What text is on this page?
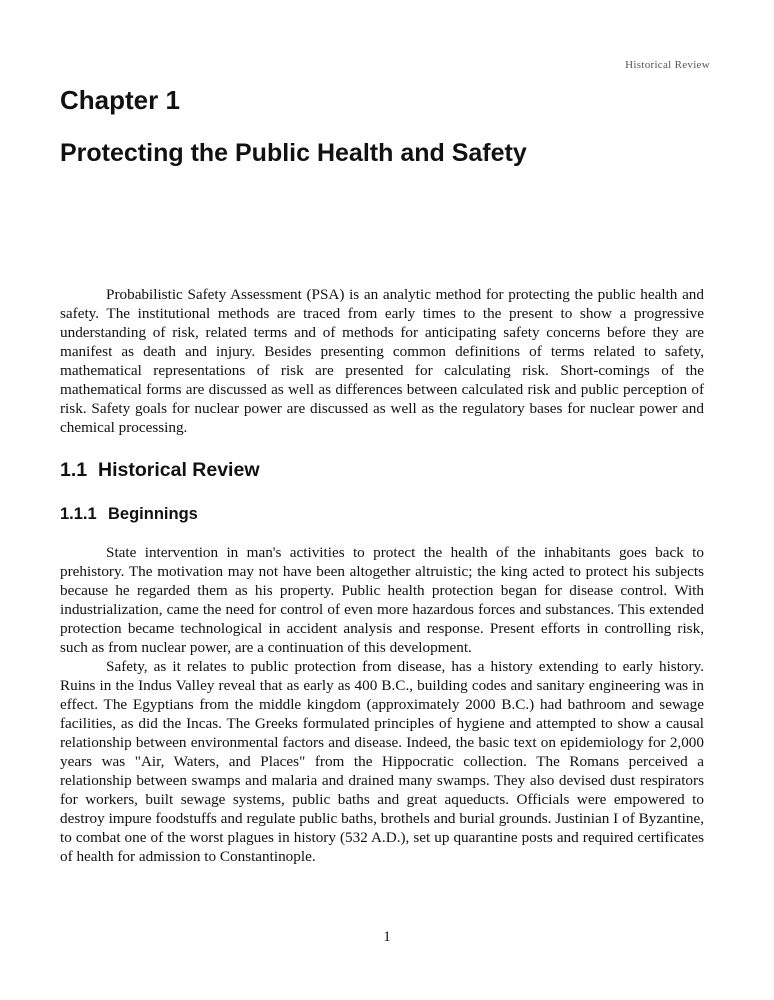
Historical Review
Chapter 1
Protecting the Public Health and Safety

Probabilistic Safety Assessment (PSA) is an analytic method for protecting the public health and safety. The institutional methods are traced from early times to the present to show a progressive understanding of risk, related terms and of methods for anticipating safety concerns before they are manifest as death and injury. Besides presenting common definitions of terms related to safety, mathematical representations of risk are presented for calculating risk. Short-comings of the mathematical forms are discussed as well as differences between calculated risk and public perception of risk. Safety goals for nuclear power are discussed as well as the regulatory bases for nuclear power and chemical processing.

1.1 Historical Review
1.1.1 Beginnings

State intervention in man's activities to protect the health of the inhabitants goes back to prehistory. The motivation may not have been altogether altruistic; the king acted to protect his subjects because he regarded them as his property. Public health protection began for disease control. With industrialization, came the need for control of even more hazardous forces and substances. This extended protection became technological in accident analysis and response. Present efforts in controlling risk, such as from nuclear power, are a continuation of this development.

Safety, as it relates to public protection from disease, has a history extending to early history. Ruins in the Indus Valley reveal that as early as 400 B.C., building codes and sanitary engineering was in effect. The Egyptians from the middle kingdom (approximately 2000 B.C.) had bathroom and sewage facilities, as did the Incas. The Greeks formulated principles of hygiene and attempted to show a causal relationship between environmental factors and disease. Indeed, the basic text on epidemiology for 2,000 years was "Air, Waters, and Places" from the Hippocratic collection. The Romans perceived a relationship between swamps and malaria and drained many swamps. They also devised dust respirators for workers, built sewage systems, public baths and great aqueducts. Officials were empowered to destroy impure foodstuffs and regulate public baths, brothels and burial grounds. Justinian I of Byzantine, to combat one of the worst plagues in history (532 A.D.), set up quarantine posts and required certificates of health for admission to Constantinople.

1
